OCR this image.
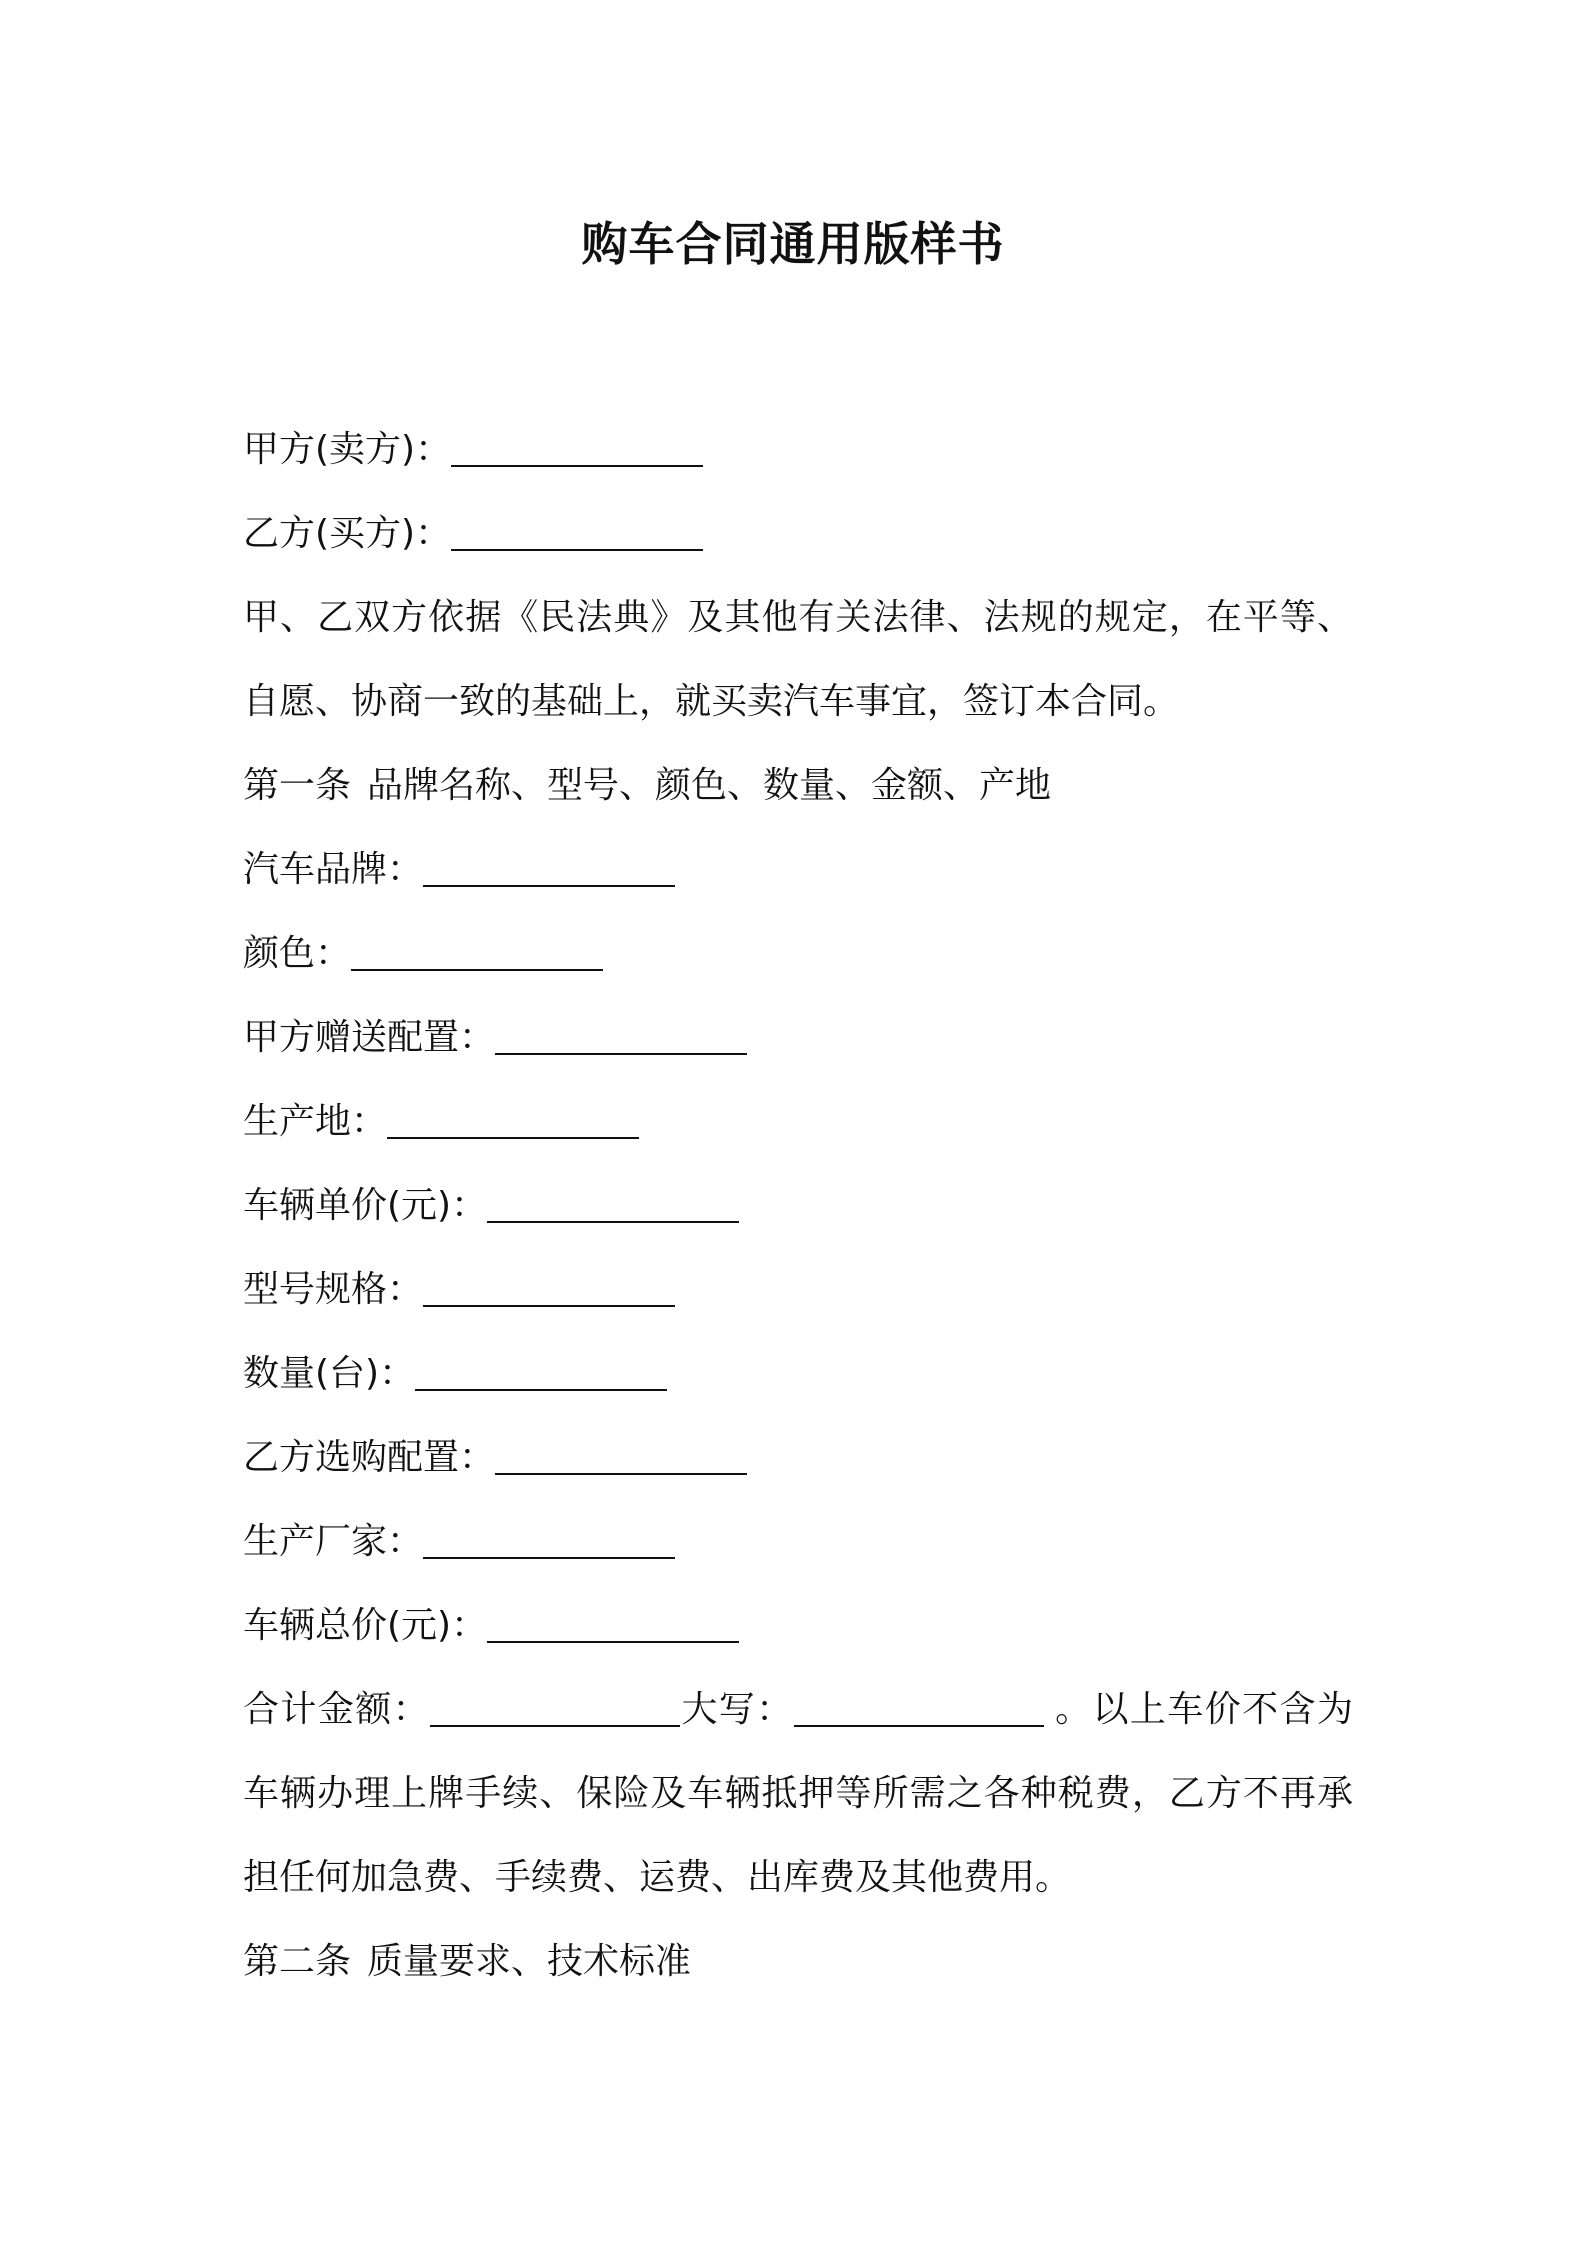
购车合同通用版样书
甲方(卖方)：
乙方(买方)：
甲、乙双方依据《民法典》及其他有关法律、法规的规定，在平等、
自愿、协商一致的基础上，就买卖汽车事宜，签订本合同。
第一条 品牌名称、型号、颜色、数量、金额、产地
汽车品牌：
颜色：
甲方赠送配置：
生产地：
车辆单价(元)：
型号规格：
数量(台)：
乙方选购配置：
生产厂家：
车辆总价(元)：
合计金额：	大写：	。以上车价不含为
车辆办理上牌手续、保险及车辆抵押等所需之各种税费，乙方不再承
担任何加急费、手续费、运费、出库费及其他费用。
第二条 质量要求、技术标准
